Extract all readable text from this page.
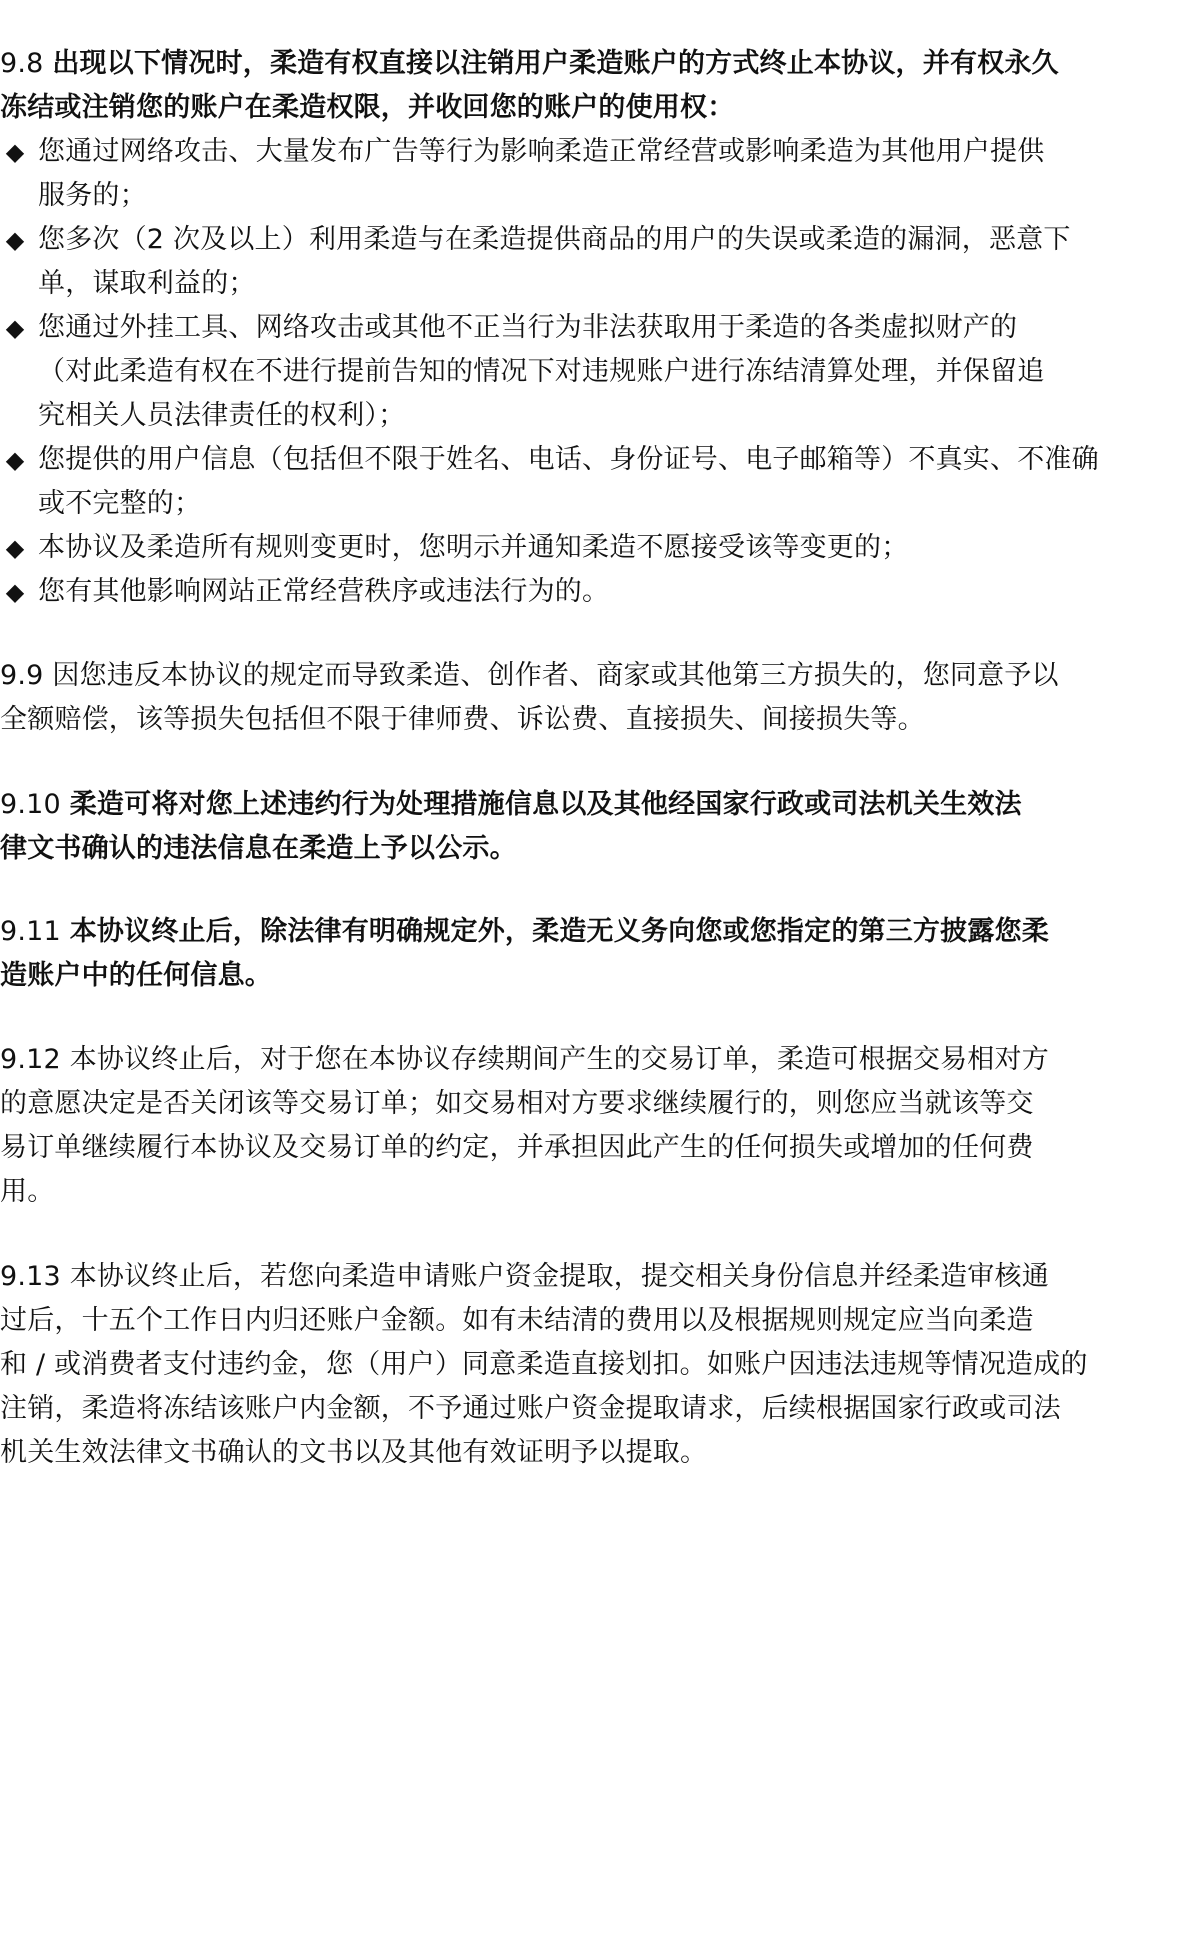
9.8 出现以下情况时，柔造有权直接以注销用户柔造账户的方式终止本协议，并有权永久
冻结或注销您的账户在柔造权限，并收回您的账户的使用权：
◆ 您通过网络攻击、大量发布广告等行为影响柔造正常经营或影响柔造为其他用户提供
服务的；
◆ 您多次（2 次及以上）利用柔造与在柔造提供商品的用户的失误或柔造的漏洞，恶意下
单，谋取利益的；
◆ 您通过外挂工具、网络攻击或其他不正当行为非法获取用于柔造的各类虚拟财产的
（对此柔造有权在不进行提前告知的情况下对违规账户进行冻结清算处理，并保留追
究相关人员法律责任的权利）；
◆ 您提供的用户信息（包括但不限于姓名、电话、身份证号、电子邮箱等）不真实、不准确
或不完整的；
◆ 本协议及柔造所有规则变更时，您明示并通知柔造不愿接受该等变更的；
◆ 您有其他影响网站正常经营秩序或违法行为的。
9.9 因您违反本协议的规定而导致柔造、创作者、商家或其他第三方损失的，您同意予以
全额赔偿，该等损失包括但不限于律师费、诉讼费、直接损失、间接损失等。
9.10 柔造可将对您上述违约行为处理措施信息以及其他经国家行政或司法机关生效法
律文书确认的违法信息在柔造上予以公示。
9.11 本协议终止后，除法律有明确规定外，柔造无义务向您或您指定的第三方披露您柔
造账户中的任何信息。
9.12 本协议终止后，对于您在本协议存续期间产生的交易订单，柔造可根据交易相对方
的意愿决定是否关闭该等交易订单；如交易相对方要求继续履行的，则您应当就该等交
易订单继续履行本协议及交易订单的约定，并承担因此产生的任何损失或增加的任何费
用。
9.13 本协议终止后，若您向柔造申请账户资金提取，提交相关身份信息并经柔造审核通
过后，十五个工作日内归还账户金额。如有未结清的费用以及根据规则规定应当向柔造
和 / 或消费者支付违约金，您（用户）同意柔造直接划扣。如账户因违法违规等情况造成的
注销，柔造将冻结该账户内金额，不予通过账户资金提取请求，后续根据国家行政或司法
机关生效法律文书确认的文书以及其他有效证明予以提取。
